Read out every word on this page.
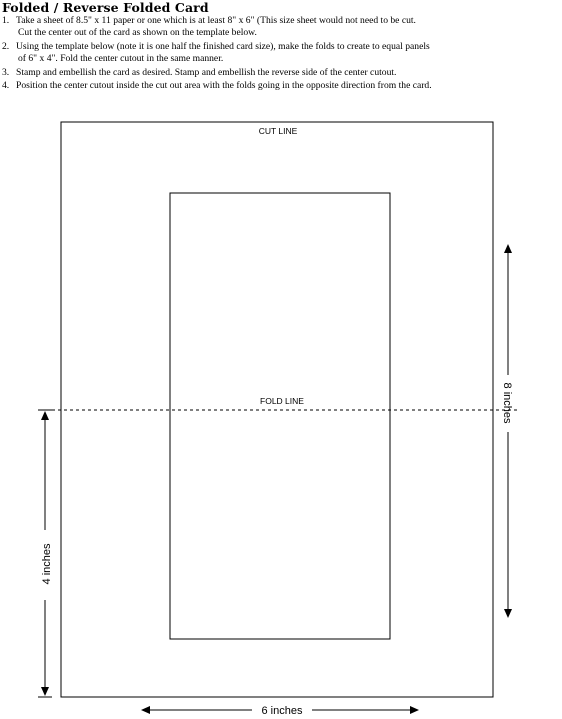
Folded / Reverse Folded Card
1. Take a sheet of 8.5" x 11 paper or one which is at least 8" x 6" (This size sheet would not need to be cut.
Cut the center out of the card as shown on the template below.
2. Using the template below (note it is one half the finished card size), make the folds to create to equal panels
of 6" x 4". Fold the center cutout in the same manner.
3. Stamp and embellish the card as desired. Stamp and embellish the reverse side of the center cutout.
4. Position the center cutout inside the cut out area with the folds going in the opposite direction from the card.
CUT LINE
FOLD LINE	8 inches
4 inches
6 inches
